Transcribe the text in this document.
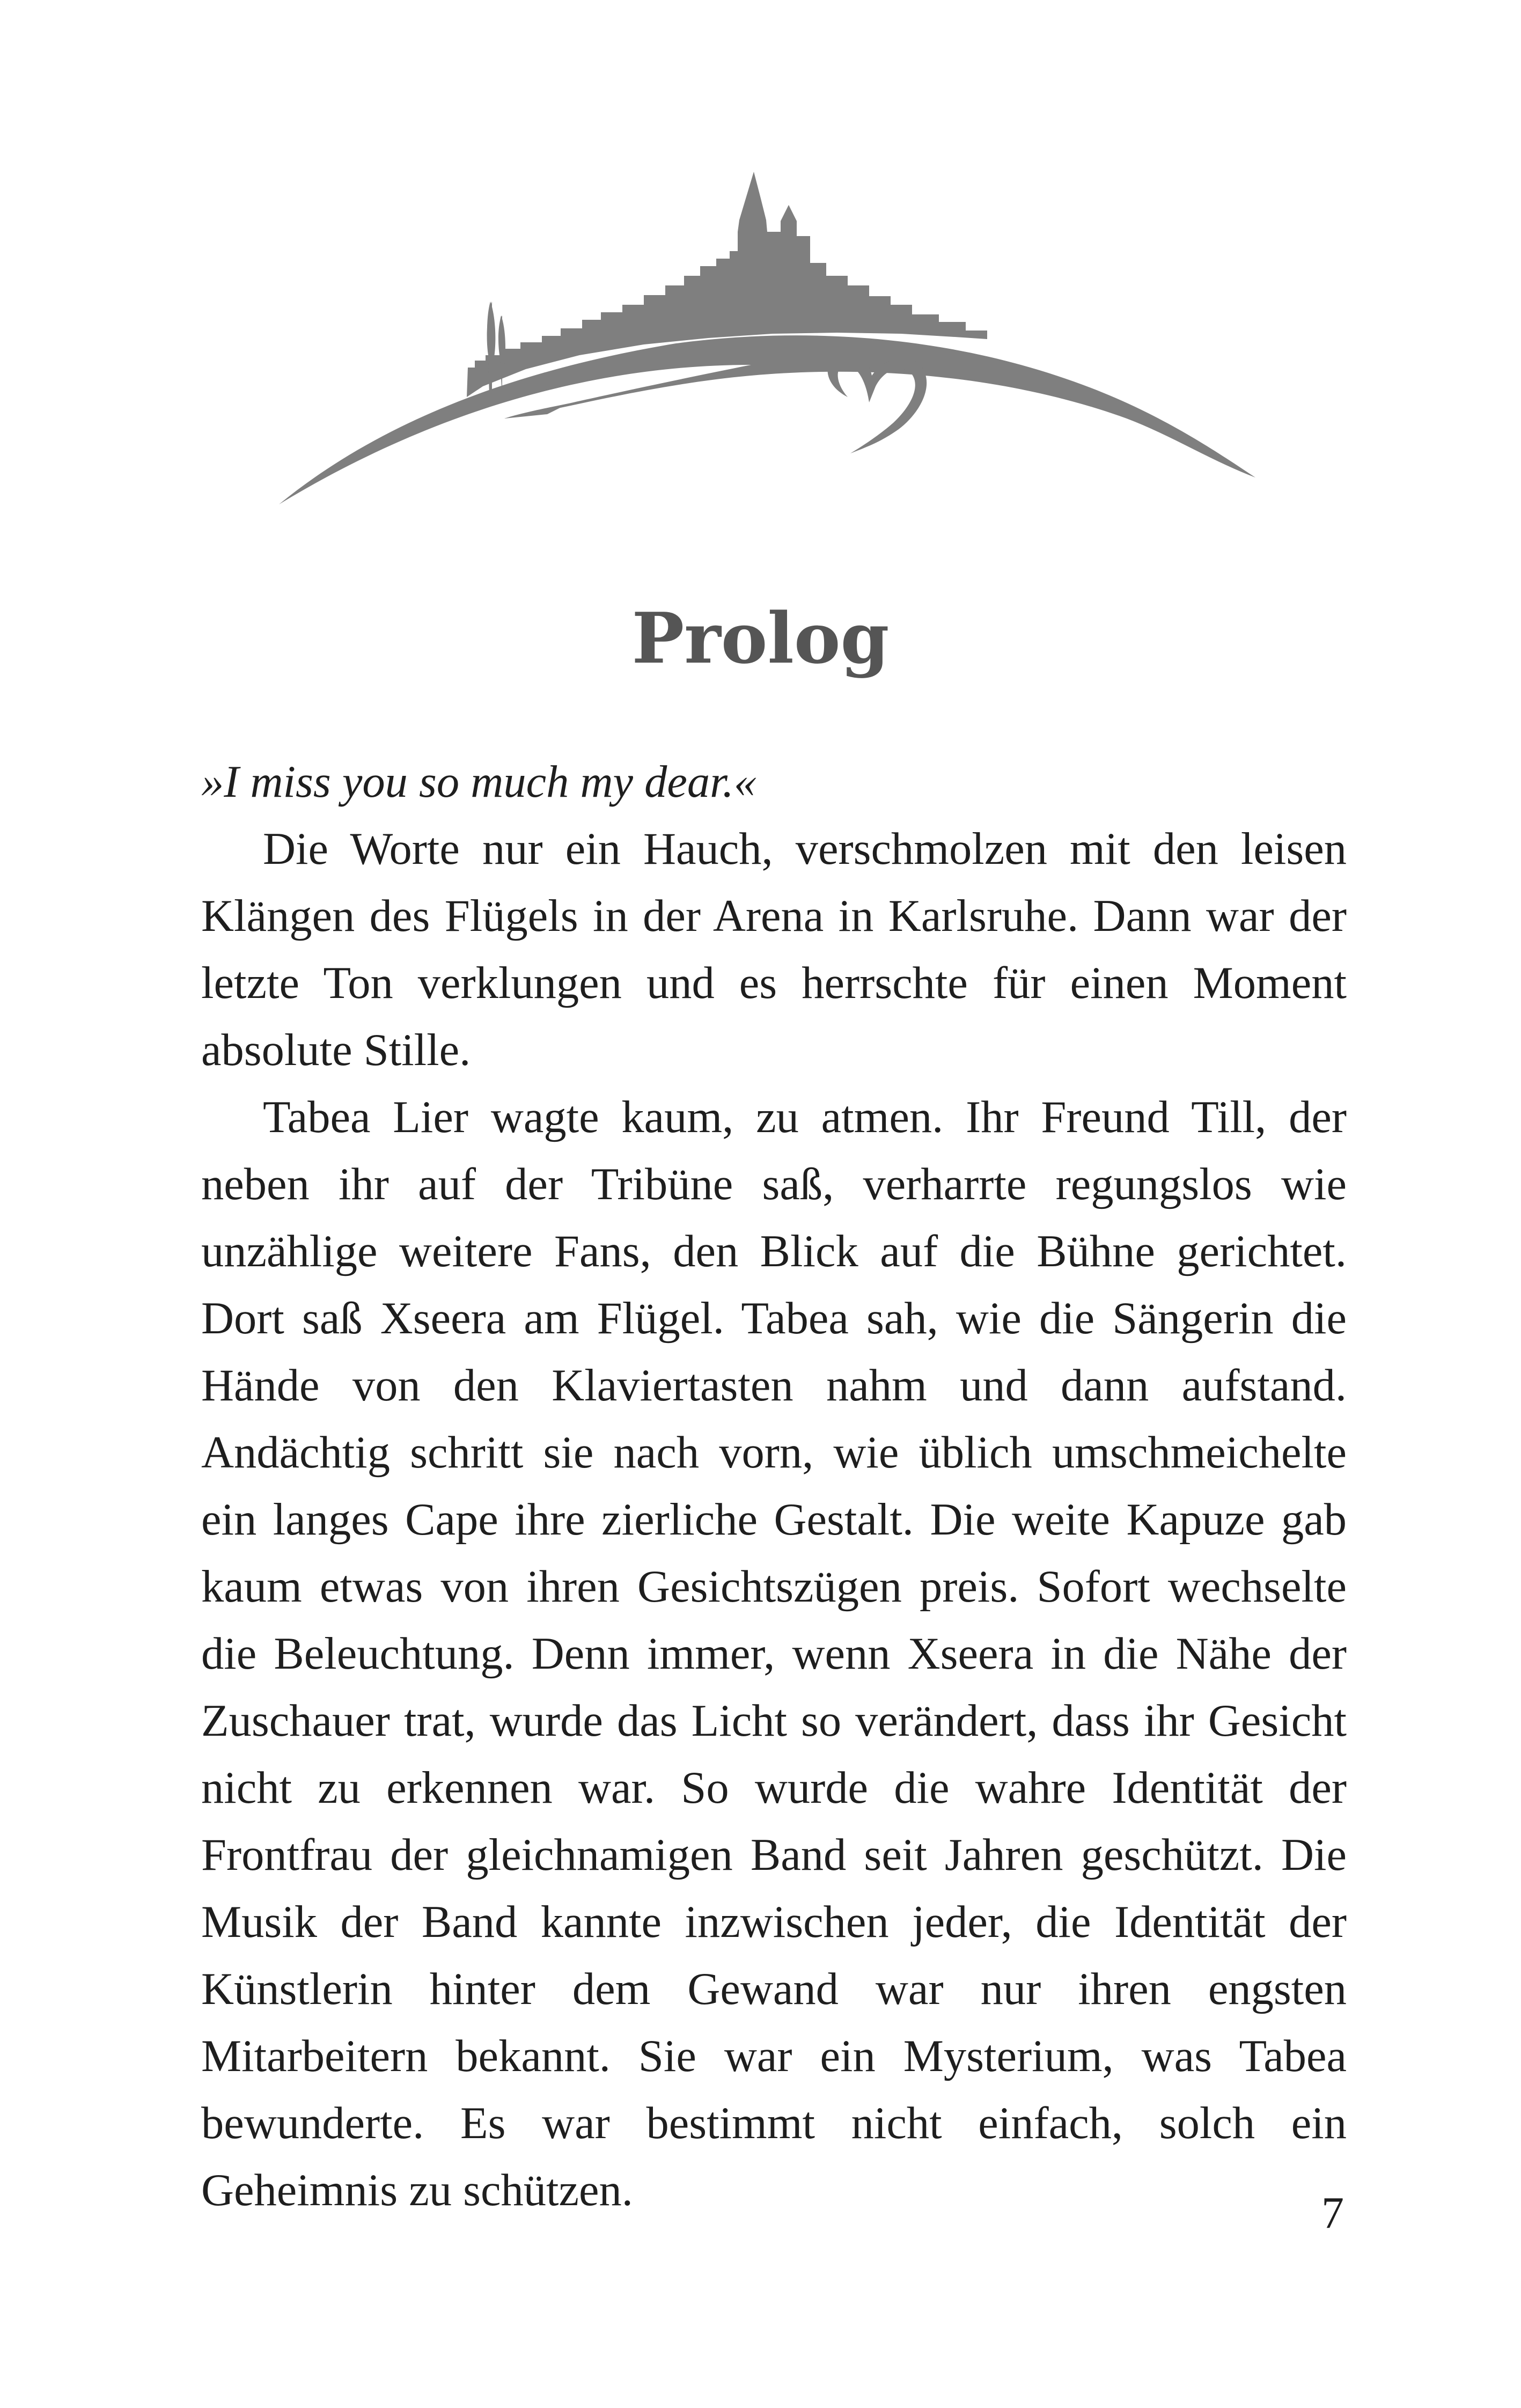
Prolog

»I miss you so much my dear.«

Die Worte nur ein Hauch, verschmolzen mit den leisen Klängen des Flügels in der Arena in Karlsruhe. Dann war der letzte Ton verklungen und es herrschte für einen Moment absolute Stille.

Tabea Lier wagte kaum, zu atmen. Ihr Freund Till, der neben ihr auf der Tribüne saß, verharrte regungslos wie unzählige weitere Fans, den Blick auf die Bühne gerichtet. Dort saß Xseera am Flügel. Tabea sah, wie die Sängerin die Hände von den Klaviertasten nahm und dann aufstand. Andächtig schritt sie nach vorn, wie üblich umschmeichelte ein langes Cape ihre zierliche Gestalt. Die weite Kapuze gab kaum etwas von ihren Gesichtszügen preis. Sofort wechselte die Beleuchtung. Denn immer, wenn Xseera in die Nähe der Zuschauer trat, wurde das Licht so verändert, dass ihr Gesicht nicht zu erkennen war. So wurde die wahre Identität der Frontfrau der gleichnamigen Band seit Jahren geschützt. Die Musik der Band kannte inzwischen jeder, die Identität der Künstlerin hinter dem Gewand war nur ihren engsten Mitarbeitern bekannt. Sie war ein Mysterium, was Tabea bewunderte. Es war bestimmt nicht einfach, solch ein Geheimnis zu schützen.	7
